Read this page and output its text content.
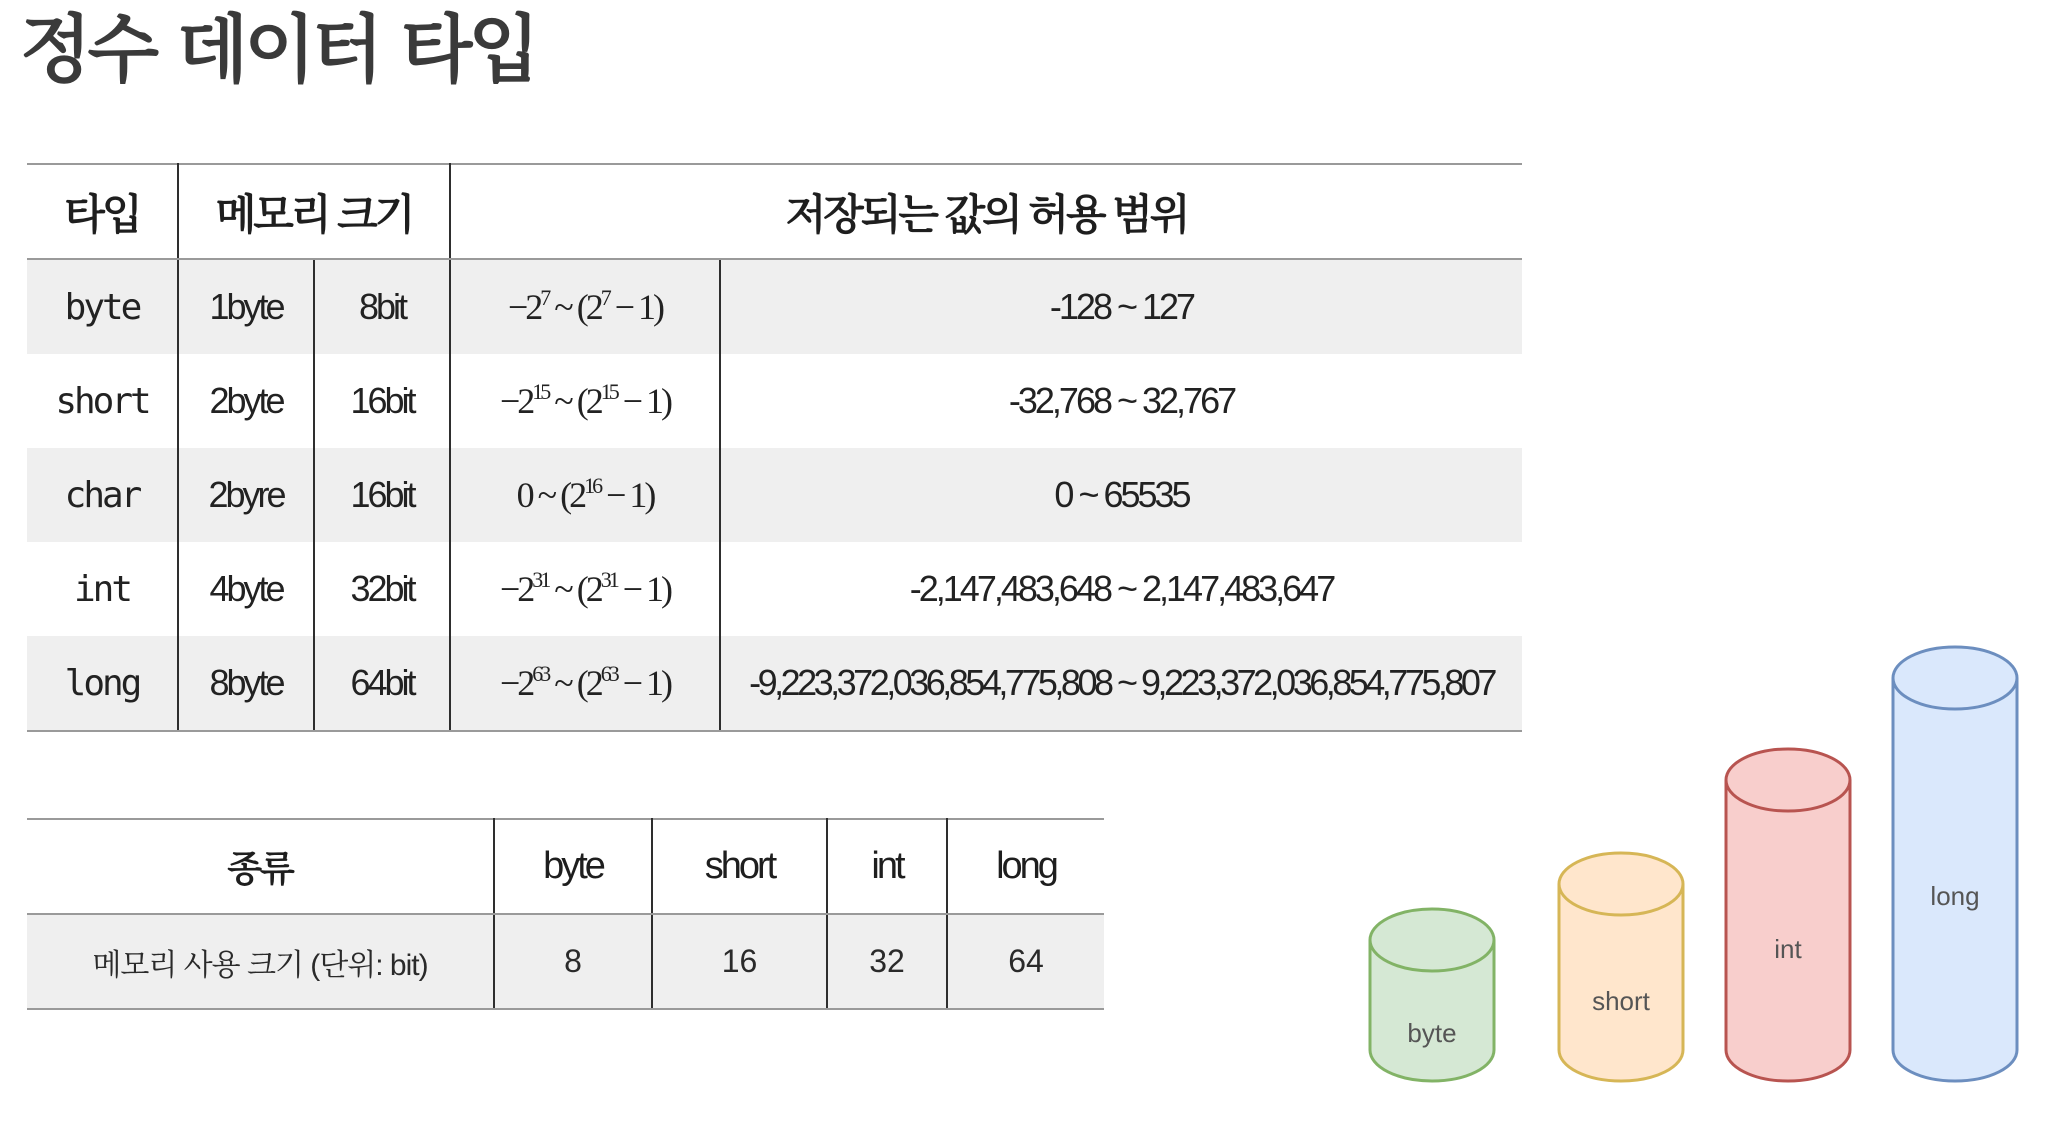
정수 데이터 타입
타입	메모리 크기		저장되는 값의 허용 범위	
byte	1byte	8bit	$-2^7$ ~ $(2^7 - 1)$	-128 ~ 127
short	2byte	16bit	$-2^{15}$ ~ $(2^{15} - 1)$	-32,768 ~ 32,767
char	2byre	16bit	0 ~ $(2^{16} - 1)$	0 ~ 65535
int	4byte	32bit	$-2^{31}$ ~ $(2^{31} - 1)$	-2,147,483,648 ~ 2,147,483,647
long	8byte	64bit	$-2^{63}$ ~ $(2^{63} - 1)$	-9,223,372,036,854,775,808 ~ 9,223,372,036,854,775,807
종류	byte	short	int	long
메모리 사용 크기 (단위: bit)	8	16	32	64
byte
short
int
long
